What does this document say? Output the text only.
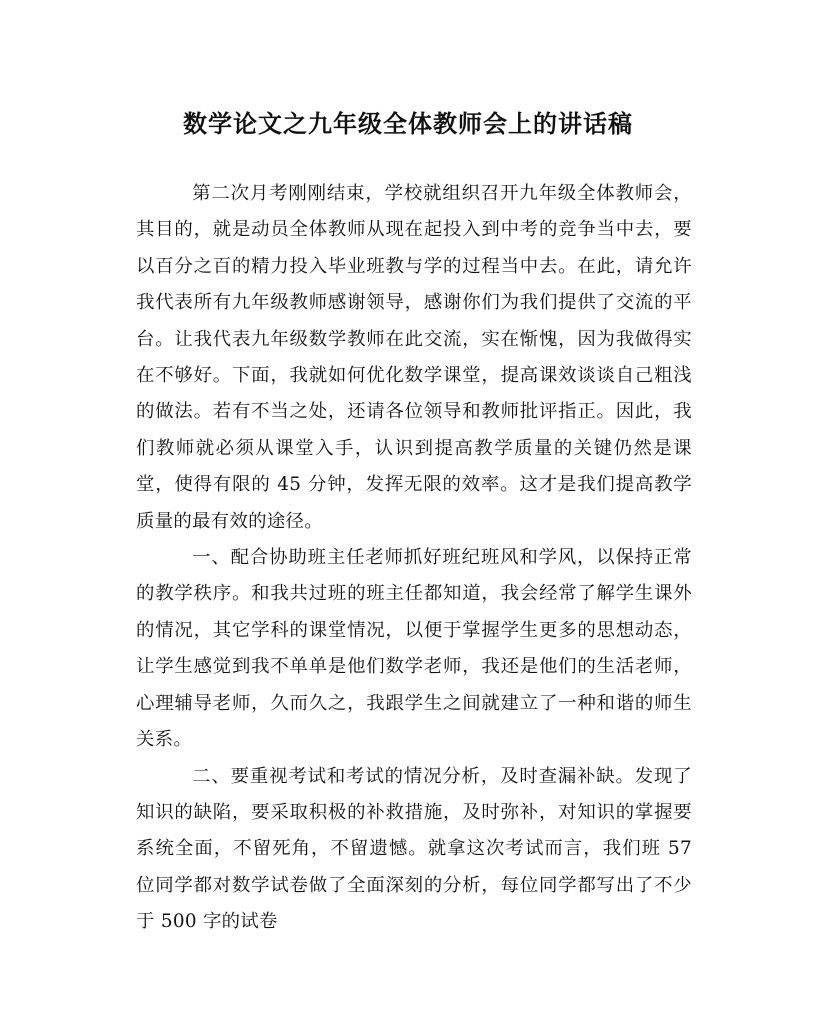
数学论文之九年级全体教师会上的讲话稿

第二次月考刚刚结束，学校就组织召开九年级全体教师会，其目的，就是动员全体教师从现在起投入到中考的竞争当中去，要以百分之百的精力投入毕业班教与学的过程当中去。在此，请允许我代表所有九年级教师感谢领导，感谢你们为我们提供了交流的平台。让我代表九年级数学教师在此交流，实在惭愧，因为我做得实在不够好。下面，我就如何优化数学课堂，提高课效谈谈自己粗浅的做法。若有不当之处，还请各位领导和教师批评指正。因此，我们教师就必须从课堂入手，认识到提高教学质量的关键仍然是课堂，使得有限的 45 分钟，发挥无限的效率。这才是我们提高教学质量的最有效的途径。

一、配合协助班主任老师抓好班纪班风和学风，以保持正常的教学秩序。和我共过班的班主任都知道，我会经常了解学生课外的情况，其它学科的课堂情况，以便于掌握学生更多的思想动态，让学生感觉到我不单单是他们数学老师，我还是他们的生活老师，心理辅导老师，久而久之，我跟学生之间就建立了一种和谐的师生关系。

二、要重视考试和考试的情况分析，及时查漏补缺。发现了知识的缺陷，要采取积极的补救措施，及时弥补，对知识的掌握要系统全面，不留死角，不留遗憾。就拿这次考试而言，我们班 57 位同学都对数学试卷做了全面深刻的分析，每位同学都写出了不少于 500 字的试卷
